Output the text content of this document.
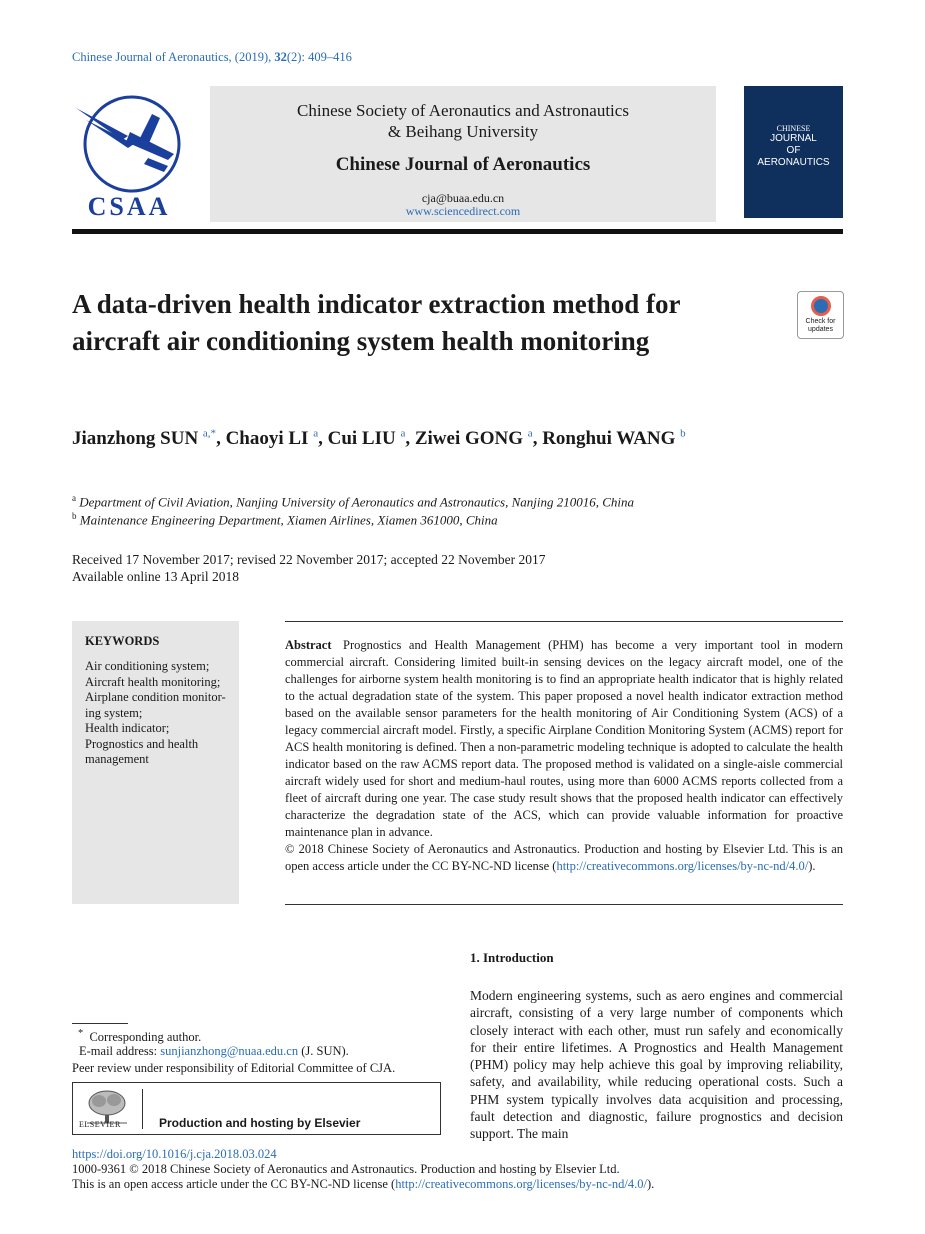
Chinese Journal of Aeronautics, (2019), 32(2): 409–416
CSAA
Chinese Society of Aeronautics and Astronautics
& Beihang University
Chinese Journal of Aeronautics
cja@buaa.edu.cn
www.sciencedirect.com
CHINESE
JOURNAL
OF
AERONAUTICS
A data-driven health indicator extraction method for aircraft air conditioning system health monitoring
Check for
updates
Jianzhong SUN $^{a,*}$, Chaoyi LI $^a$, Cui LIU $^a$, Ziwei GONG $^a$, Ronghui WANG $^b$
$^a$ Department of Civil Aviation, Nanjing University of Aeronautics and Astronautics, Nanjing 210016, China
$^b$ Maintenance Engineering Department, Xiamen Airlines, Xiamen 361000, China
Received 17 November 2017; revised 22 November 2017; accepted 22 November 2017
Available online 13 April 2018
KEYWORDS
Air conditioning system;
Aircraft health monitoring;
Airplane condition monitor-ing system;
Health indicator;
Prognostics and health management
Abstract Prognostics and Health Management (PHM) has become a very important tool in modern commercial aircraft. Considering limited built-in sensing devices on the legacy aircraft model, one of the challenges for airborne system health monitoring is to find an appropriate health indicator that is highly related to the actual degradation state of the system. This paper proposed a novel health indicator extraction method based on the available sensor parameters for the health monitoring of Air Conditioning System (ACS) of a legacy commercial aircraft model. Firstly, a specific Airplane Condition Monitoring System (ACMS) report for ACS health monitoring is defined. Then a non-parametric modeling technique is adopted to calculate the health indicator based on the raw ACMS report data. The proposed method is validated on a single-aisle commercial aircraft widely used for short and medium-haul routes, using more than 6000 ACMS reports collected from a fleet of aircraft during one year. The case study result shows that the proposed health indicator can effectively characterize the degradation state of the ACS, which can provide valuable information for proactive maintenance plan in advance.
© 2018 Chinese Society of Aeronautics and Astronautics. Production and hosting by Elsevier Ltd. This is an open access article under the CC BY-NC-ND license (http://creativecommons.org/licenses/by-nc-nd/4.0/).
1. Introduction
Modern engineering systems, such as aero engines and commercial aircraft, consisting of a very large number of components which closely interact with each other, must run safely and economically for their entire lifetimes. A Prognostics and Health Management (PHM) policy may help achieve this goal by improving reliability, safety, and availability, while reducing operational costs. Such a PHM system typically involves data acquisition and processing, fault detection and diagnostic, failure prognostics and decision support. The main
* Corresponding author.
E-mail address: sunjianzhong@nuaa.edu.cn (J. SUN).
Peer review under responsibility of Editorial Committee of CJA.
ELSEVIER	Production and hosting by Elsevier
https://doi.org/10.1016/j.cja.2018.03.024
1000-9361 © 2018 Chinese Society of Aeronautics and Astronautics. Production and hosting by Elsevier Ltd.
This is an open access article under the CC BY-NC-ND license (http://creativecommons.org/licenses/by-nc-nd/4.0/).
